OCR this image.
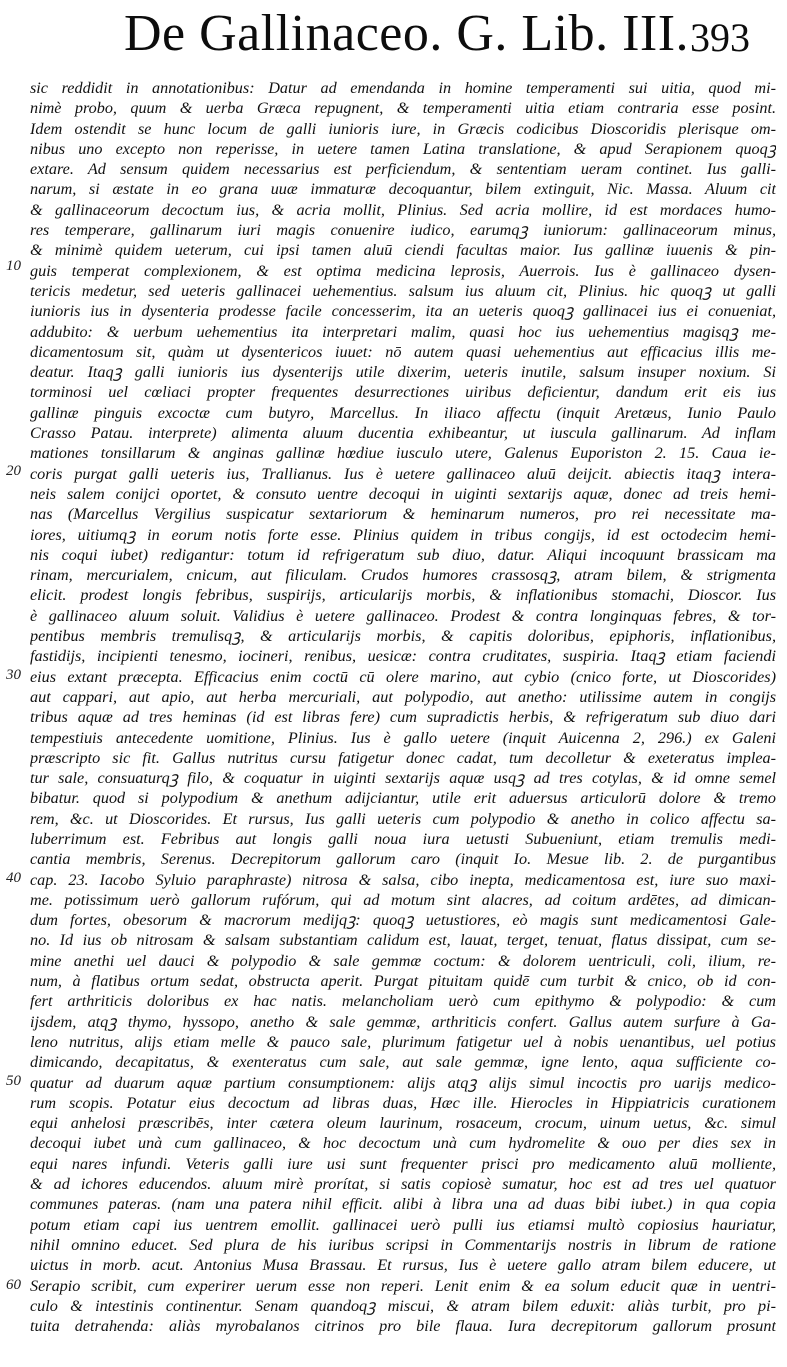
De Gallinaceo. G. Lib. III. 393
10
20
30
40
50
60
sic reddidit in annotationibus: Datur ad emendanda in homine temperamenti sui uitia, quod mi-
nimè probo, quum & uerba Græca repugnent, & temperamenti uitia etiam contraria esse posint.
Idem ostendit se hunc locum de galli iunioris iure, in Græcis codicibus Dioscoridis plerisque om-
nibus uno excepto non reperisse, in uetere tamen Latina translatione, & apud Serapionem quoqꝫ
extare. Ad sensum quidem necessarius est perficiendum, & sententiam ueram continet. Ius galli-
narum, si æstate in eo grana uuæ immaturæ decoquantur, bilem extinguit, Nic. Massa. Aluum cit
& gallinaceorum decoctum ius, & acria mollit, Plinius. Sed acria mollire, id est mordaces humo-
res temperare, gallinarum iuri magis conuenire iudico, earumqꝫ iuniorum: gallinaceorum minus,
& minimè quidem ueterum, cui ipsi tamen aluū ciendi facultas maior. Ius gallinæ iuuenis & pin-
guis temperat complexionem, & est optima medicina leprosis, Auerrois. Ius è gallinaceo dysen-
tericis medetur, sed ueteris gallinacei uehementius. salsum ius aluum cit, Plinius. hic quoqꝫ ut galli
iunioris ius in dysenteria prodesse facile concesserim, ita an ueteris quoqꝫ gallinacei ius ei conueniat,
addubito: & uerbum uehementius ita interpretari malim, quasi hoc ius uehementius magisqꝫ me-
dicamentosum sit, quàm ut dysentericos iuuet: nō autem quasi uehementius aut efficacius illis me-
deatur. Itaqꝫ galli iunioris ius dysenterijs utile dixerim, ueteris inutile, salsum insuper noxium. Si
torminosi uel cœliaci propter frequentes desurrectiones uiribus deficientur, dandum erit eis ius
gallinæ pinguis excoctæ cum butyro, Marcellus. In iliaco affectu (inquit Aretæus, Iunio Paulo
Crasso Patau. interprete) alimenta aluum ducentia exhibeantur, ut iuscula gallinarum. Ad inflam
mationes tonsillarum & anginas gallinæ hœdiue iusculo utere, Galenus Euporiston 2. 15. Caua ie-
coris purgat galli ueteris ius, Trallianus. Ius è uetere gallinaceo aluū deijcit. abiectis itaqꝫ intera-
neis salem conijci oportet, & consuto uentre decoqui in uiginti sextarijs aquæ, donec ad treis hemi-
nas (Marcellus Vergilius suspicatur sextariorum & heminarum numeros, pro rei necessitate ma-
iores, uitiumqꝫ in eorum notis forte esse. Plinius quidem in tribus congijs, id est octodecim hemi-
nis coqui iubet) redigantur: totum id refrigeratum sub diuo, datur. Aliqui incoquunt brassicam ma
rinam, mercurialem, cnicum, aut filiculam. Crudos humores crassosqꝫ, atram bilem, & strigmenta
elicit. prodest longis febribus, suspirijs, articularijs morbis, & inflationibus stomachi, Dioscor. Ius
è gallinaceo aluum soluit. Validius è uetere gallinaceo. Prodest & contra longinquas febres, & tor-
pentibus membris tremulisqꝫ, & articularijs morbis, & capitis doloribus, epiphoris, inflationibus,
fastidijs, incipienti tenesmo, iocineri, renibus, uesicæ: contra cruditates, suspiria. Itaqꝫ etiam faciendi
eius extant præcepta. Efficacius enim coctū cū olere marino, aut cybio (cnico forte, ut Dioscorides)
aut cappari, aut apio, aut herba mercuriali, aut polypodio, aut anetho: utilissime autem in congijs
tribus aquæ ad tres heminas (id est libras fere) cum supradictis herbis, & refrigeratum sub diuo dari
tempestiuis antecedente uomitione, Plinius. Ius è gallo uetere (inquit Auicenna 2, 296.) ex Galeni
præscripto sic fit. Gallus nutritus cursu fatigetur donec cadat, tum decolletur & exeteratus implea-
tur sale, consuaturqꝫ filo, & coquatur in uiginti sextarijs aquæ usqꝫ ad tres cotylas, & id omne semel
bibatur. quod si polypodium & anethum adijciantur, utile erit aduersus articulorū dolore & tremo
rem, &c. ut Dioscorides. Et rursus, Ius galli ueteris cum polypodio & anetho in colico affectu sa-
luberrimum est. Febribus aut longis galli noua iura uetusti Subueniunt, etiam tremulis medi-
cantia membris, Serenus. Decrepitorum gallorum caro (inquit Io. Mesue lib. 2. de purgantibus
cap. 23. Iacobo Syluio paraphraste) nitrosa & salsa, cibo inepta, medicamentosa est, iure suo maxi-
me. potissimum uerò gallorum rufórum, qui ad motum sint alacres, ad coitum ardētes, ad dimican-
dum fortes, obesorum & macrorum medijqꝫ: quoqꝫ uetustiores, eò magis sunt medicamentosi Gale-
no. Id ius ob nitrosam & salsam substantiam calidum est, lauat, terget, tenuat, flatus dissipat, cum se-
mine anethi uel dauci & polypodio & sale gemmæ coctum: & dolorem uentriculi, coli, ilium, re-
num, à flatibus ortum sedat, obstructa aperit. Purgat pituitam quidē cum turbit & cnico, ob id con-
fert arthriticis doloribus ex hac natis. melancholiam uerò cum epithymo & polypodio: & cum
ijsdem, atqꝫ thymo, hyssopo, anetho & sale gemmæ, arthriticis confert. Gallus autem surfure à Ga-
leno nutritus, alijs etiam melle & pauco sale, plurimum fatigetur uel à nobis uenantibus, uel potius
dimicando, decapitatus, & exenteratus cum sale, aut sale gemmæ, igne lento, aqua sufficiente co-
quatur ad duarum aquæ partium consumptionem: alijs atqꝫ alijs simul incoctis pro uarijs medico-
rum scopis. Potatur eius decoctum ad libras duas, Hæc ille. Hierocles in Hippiatricis curationem
equi anhelosi præscribēs, inter cætera oleum laurinum, rosaceum, crocum, uinum uetus, &c. simul
decoqui iubet unà cum gallinaceo, & hoc decoctum unà cum hydromelite & ouo per dies sex in
equi nares infundi. Veteris galli iure usi sunt frequenter prisci pro medicamento aluū molliente,
& ad ichores educendos. aluum mirè prorítat, si satis copiosè sumatur, hoc est ad tres uel quatuor
communes pateras. (nam una patera nihil efficit. alibi à libra una ad duas bibi iubet.) in qua copia
potum etiam capi ius uentrem emollit. gallinacei uerò pulli ius etiamsi multò copiosius hauriatur,
nihil omnino educet. Sed plura de his iuribus scripsi in Commentarijs nostris in librum de ratione
uictus in morb. acut. Antonius Musa Brassau. Et rursus, Ius è uetere gallo atram bilem educere, ut
Serapio scribit, cum experirer uerum esse non reperi. Lenit enim & ea solum educit quæ in uentri-
culo & intestinis continentur. Senam quandoqꝫ miscui, & atram bilem eduxit: aliàs turbit, pro pi-
tuita detrahenda: aliàs myrobalanos citrinos pro bile flaua. Iura decrepitorum gallorum prosunt
